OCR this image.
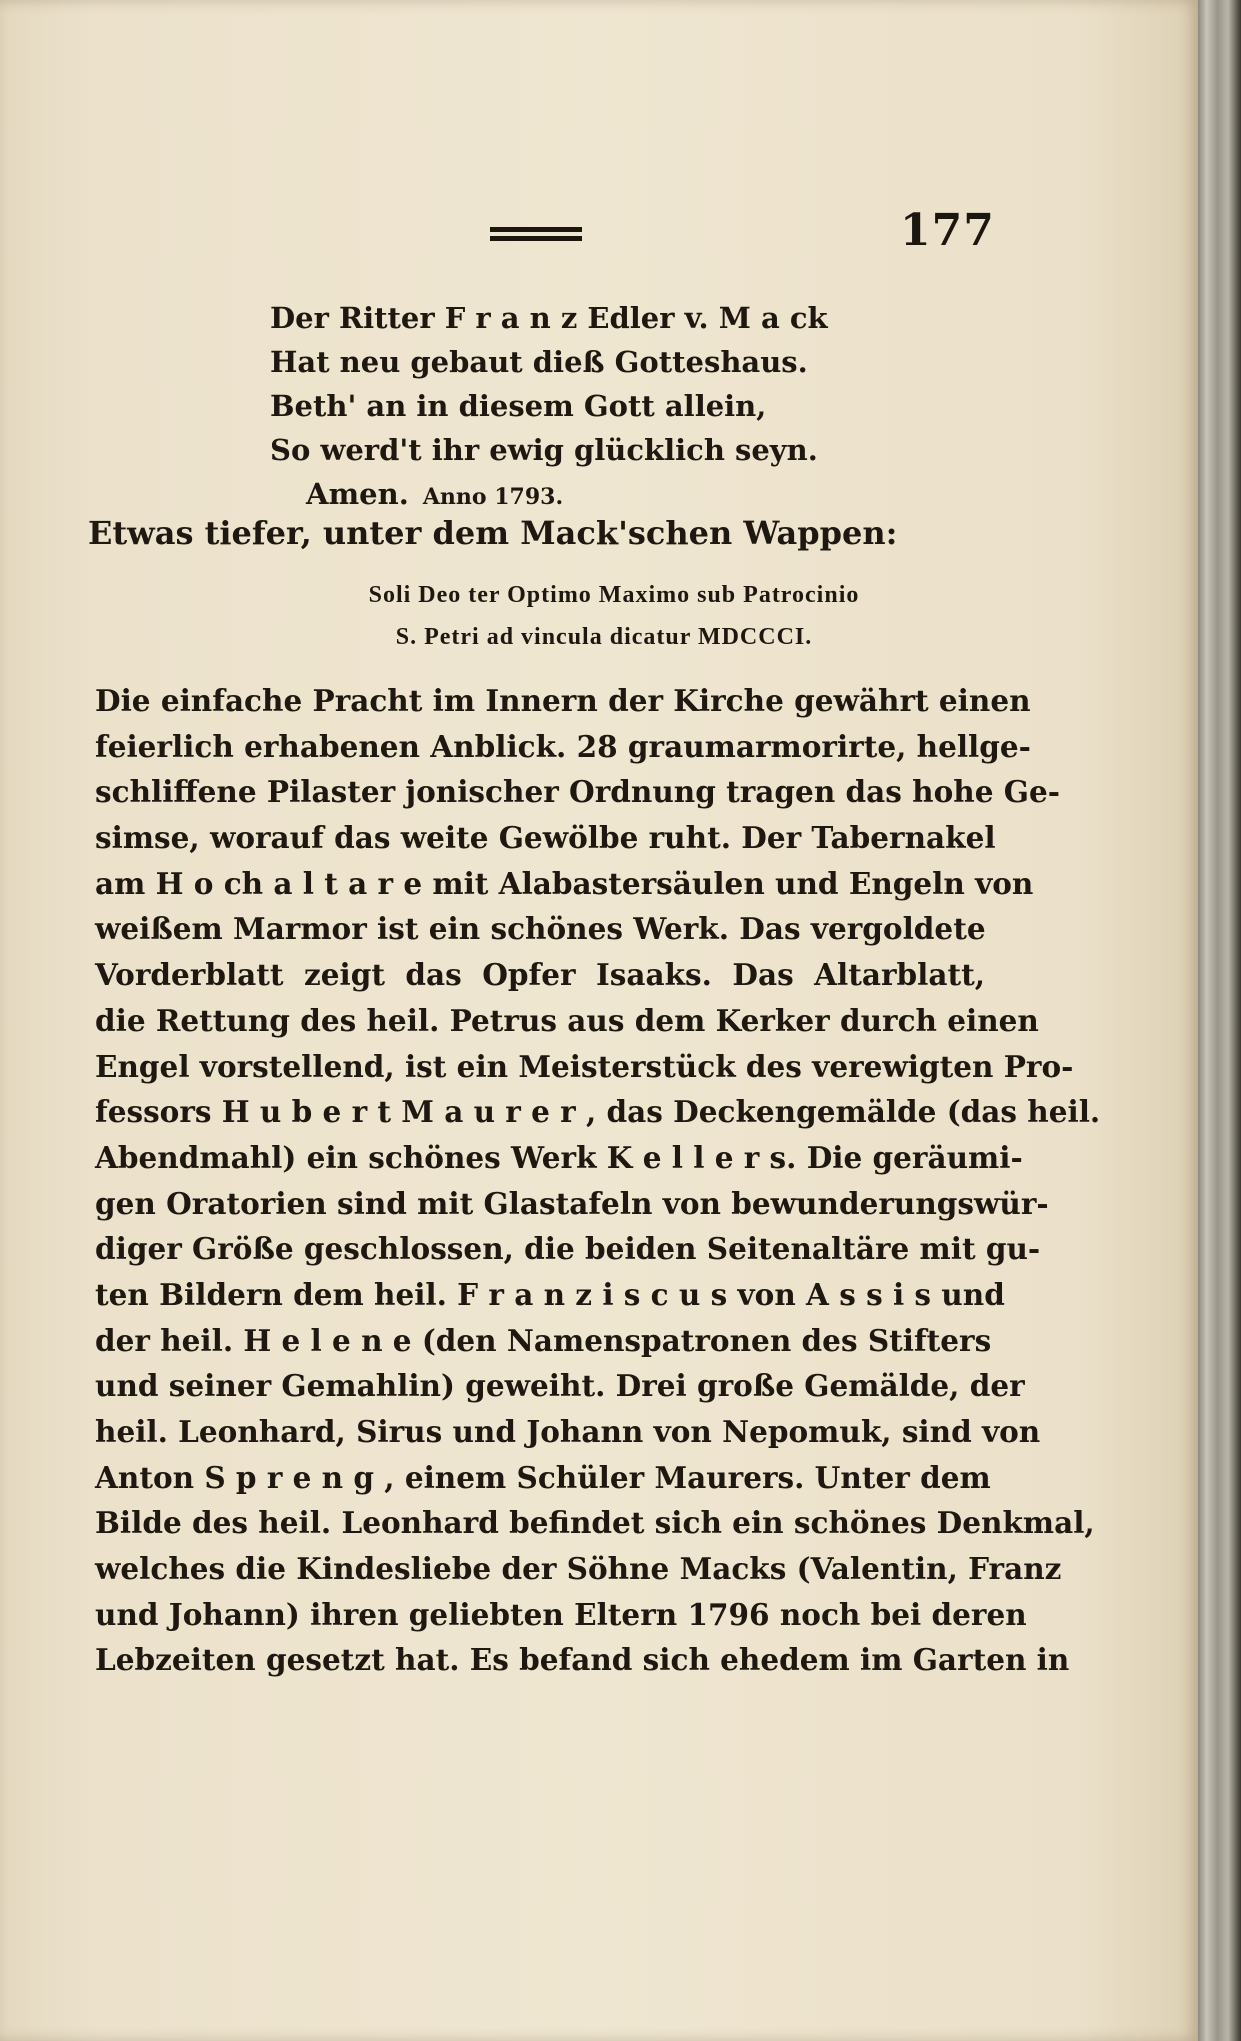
177
Der Ritter F r a n z Edler v. M a ck
Hat neu gebaut dieß Gotteshaus.
Beth' an in diesem Gott allein,
So werd't ihr ewig glücklich seyn.
Amen. Anno 1793.
Etwas tiefer, unter dem Mack'schen Wappen:
Soli Deo ter Optimo Maximo sub Patrocinio
S. Petri ad vincula dicatur MDCCCI.
Die einfache Pracht im Innern der Kirche gewährt einen
feierlich erhabenen Anblick. 28 graumarmorirte, hellge-
schliffene Pilaster jonischer Ordnung tragen das hohe Ge-
simse, worauf das weite Gewölbe ruht. Der Tabernakel
am H o ch a l t a r e mit Alabastersäulen und Engeln von
weißem Marmor ist ein schönes Werk. Das vergoldete
Vorderblatt zeigt das Opfer Isaaks. Das Altarblatt,
die Rettung des heil. Petrus aus dem Kerker durch einen
Engel vorstellend, ist ein Meisterstück des verewigten Pro-
fessors H u b e r t M a u r e r , das Deckengemälde (das heil.
Abendmahl) ein schönes Werk K e l l e r s. Die geräumi-
gen Oratorien sind mit Glastafeln von bewunderungswür-
diger Größe geschlossen, die beiden Seitenaltäre mit gu-
ten Bildern dem heil. F r a n z i s c u s von A s s i s und
der heil. H e l e n e (den Namenspatronen des Stifters
und seiner Gemahlin) geweiht. Drei große Gemälde, der
heil. Leonhard, Sirus und Johann von Nepomuk, sind von
Anton S p r e n g , einem Schüler Maurers. Unter dem
Bilde des heil. Leonhard befindet sich ein schönes Denkmal,
welches die Kindesliebe der Söhne Macks (Valentin, Franz
und Johann) ihren geliebten Eltern 1796 noch bei deren
Lebzeiten gesetzt hat. Es befand sich ehedem im Garten in
